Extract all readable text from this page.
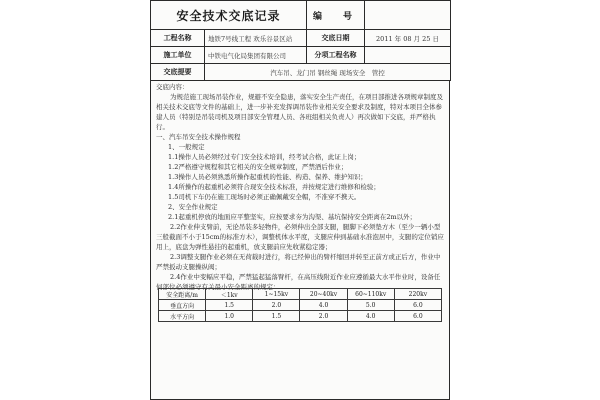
安全技术交底记录		编　号	
工程名称	地铁7号线工程 欢乐谷景区站	交底日期	2011 年 08 月 25 日
施工单位	中铁电气化局集团有限公司	分项工程名称	
交底提要	汽车吊、龙门吊 钢丝绳 现场安全　管控		

交底内容：

为规范施工现场吊装作业，规避不安全隐患，落实安全生产责任，在项目部推进各项规章制度及相关技术交底等文件的基础上，进一步补充发挥调吊装作业相关安全要求及制度，特对本项目全体参建人员（特别是吊装司机及项目部安全管理人员、各班组相关负责人）再次做如下交底，并严格执行。

一、汽车吊安全技术操作规程

1、一般规定

1.1操作人员必须经过专门安全技术培训，经考试合格，此证上岗；

1.2严格遵守规程和其它相关的安全规章制度，严禁酒后作业；

1.3操作人员必须熟悉所操作起重机的性能、构造、保养、维护知识；

1.4所操作的起重机必须符合现安全技术标准，并按规定进行维修和检验；

1.5司机下车仍在施工现场时必须正确佩戴安全帽，不准穿不携天。

2、安全作业规定

2.1起重机停放的地面应平整坚实，应按要求夯为沟渠、基坑保持安全距离在2m以外；

2.2作业伸支臂前，无论吊装多轻物件，必须伸出全部支腿，腿脚下必须垫方木（至少一辆小型三般截面不小于15cm的标准方木），调整机体水平度，支腿应伸到基础水准泡居中，支腿的定位销应用上，底盘为弹性悬挂的起重机，放支腿前应先收紧稳定器；

2.3调整支腿作业必须在无荷载时进行，将已经伸出的臂杆缩回并转至正前方或正后方，作业中严禁扳动支腿操纵阀；

2.4作业中变幅应平稳，严禁猛起猛落臂杆，在高压线附近作业应遵循最大水平作业时，设备任何部位必须遵守有关最小安全距离的规定：

安全距离/m	＜1kv	1~15kv	20~40kv	60~110kv	220kv
垂直方向	1.5	2.0	4.0	5.0	6.0
水平方向	1.0	1.5	2.0	4.0	6.0
